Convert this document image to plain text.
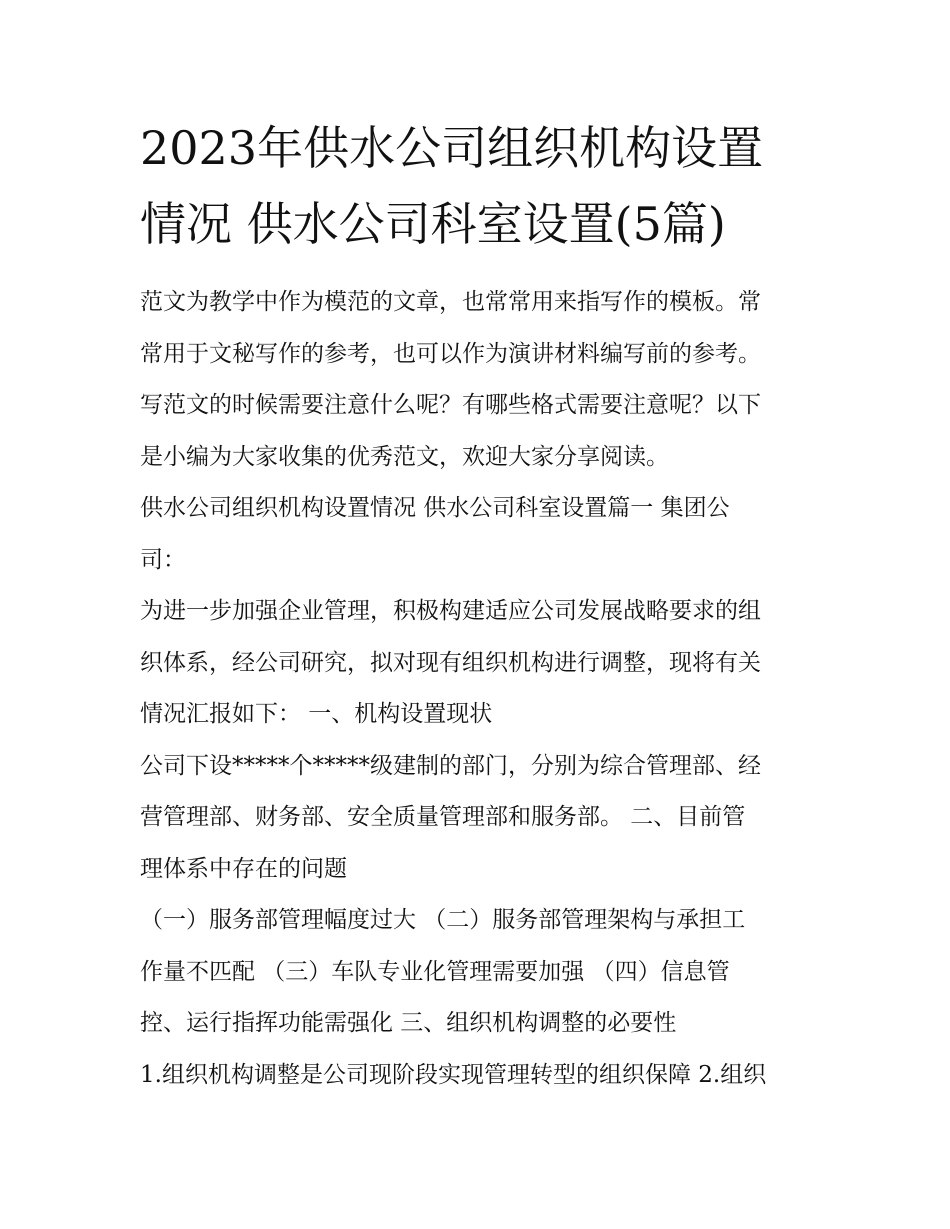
2023年供水公司组织机构设置
情况 供水公司科室设置(5篇)
范文为教学中作为模范的文章，也常常用来指写作的模板。常
常用于文秘写作的参考，也可以作为演讲材料编写前的参考。
写范文的时候需要注意什么呢？有哪些格式需要注意呢？以下
是小编为大家收集的优秀范文，欢迎大家分享阅读。
供水公司组织机构设置情况 供水公司科室设置篇一 集团公
司：
为进一步加强企业管理，积极构建适应公司发展战略要求的组
织体系，经公司研究，拟对现有组织机构进行调整，现将有关
情况汇报如下： 一、机构设置现状
公司下设*****个*****级建制的部门，分别为综合管理部、经
营管理部、财务部、安全质量管理部和服务部。 二、目前管
理体系中存在的问题
（一）服务部管理幅度过大 （二）服务部管理架构与承担工
作量不匹配 （三）车队专业化管理需要加强 （四）信息管
控、运行指挥功能需强化 三、组织机构调整的必要性
1.组织机构调整是公司现阶段实现管理转型的组织保障 2.组织
